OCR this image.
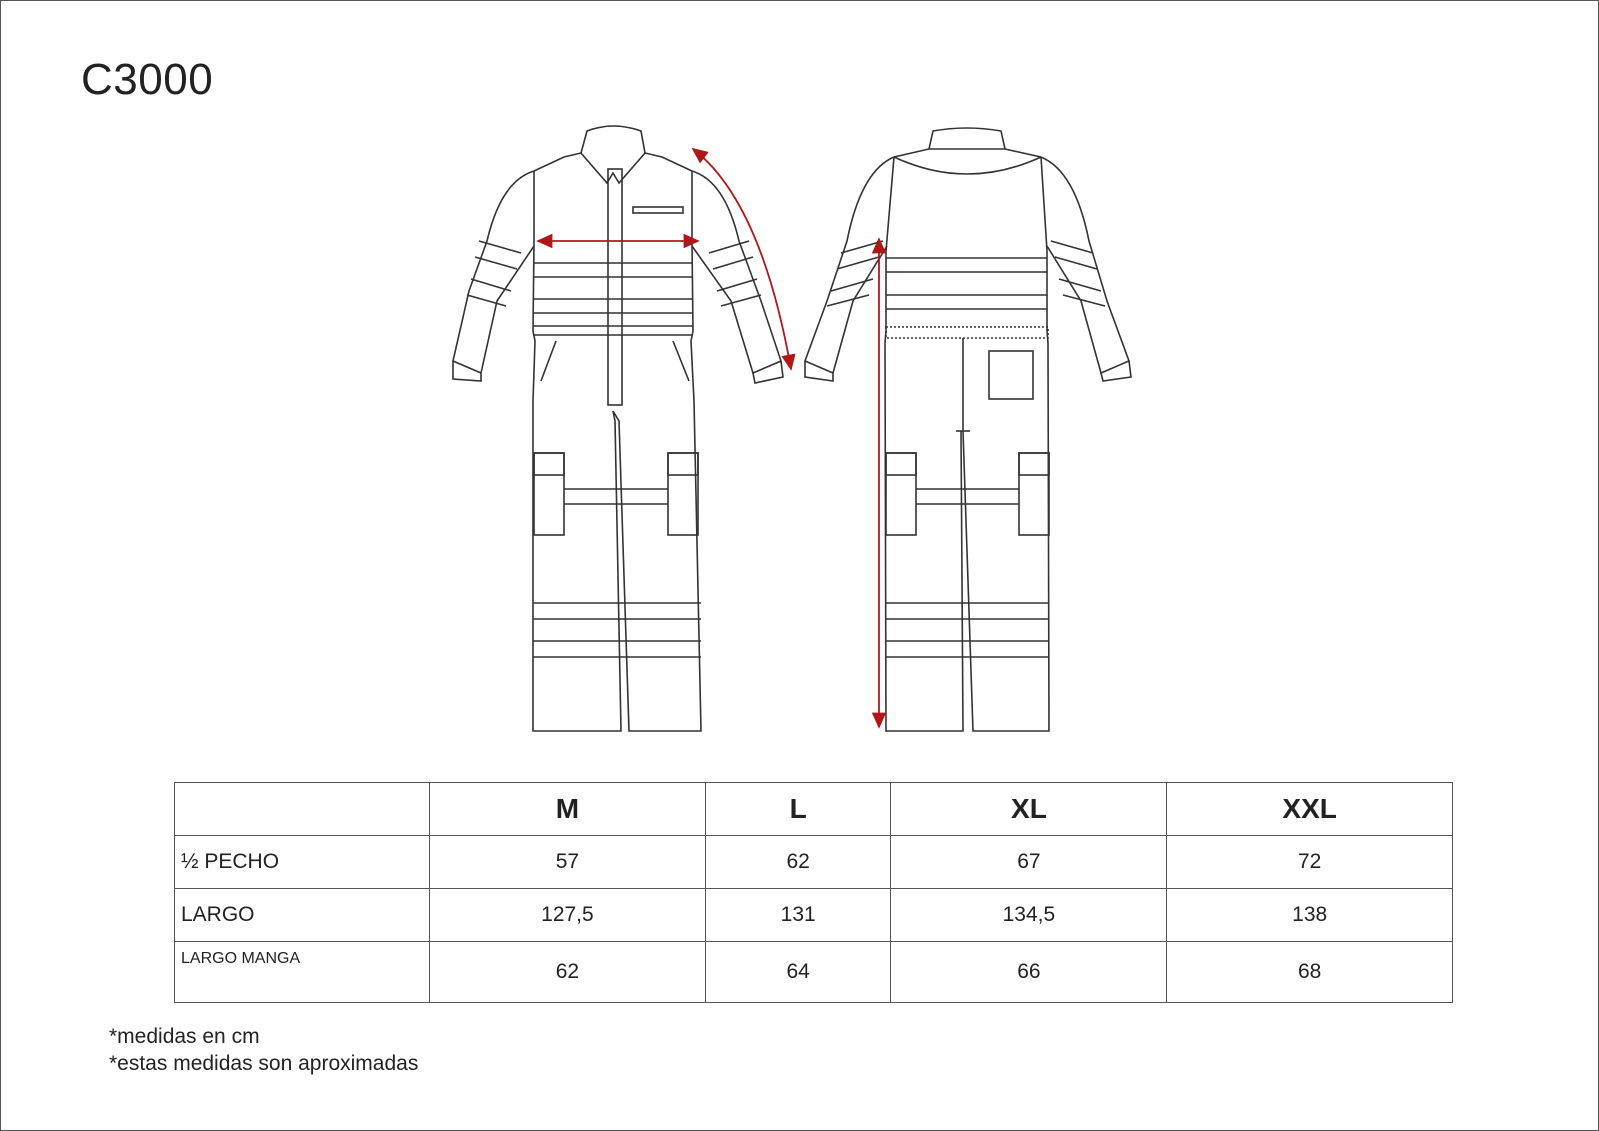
C3000
	M	L	XL	XXL
½ PECHO	57	62	67	72
LARGO	127,5	131	134,5	138
LARGO MANGA	62	64	66	68
*medidas en cm
*estas medidas son aproximadas
